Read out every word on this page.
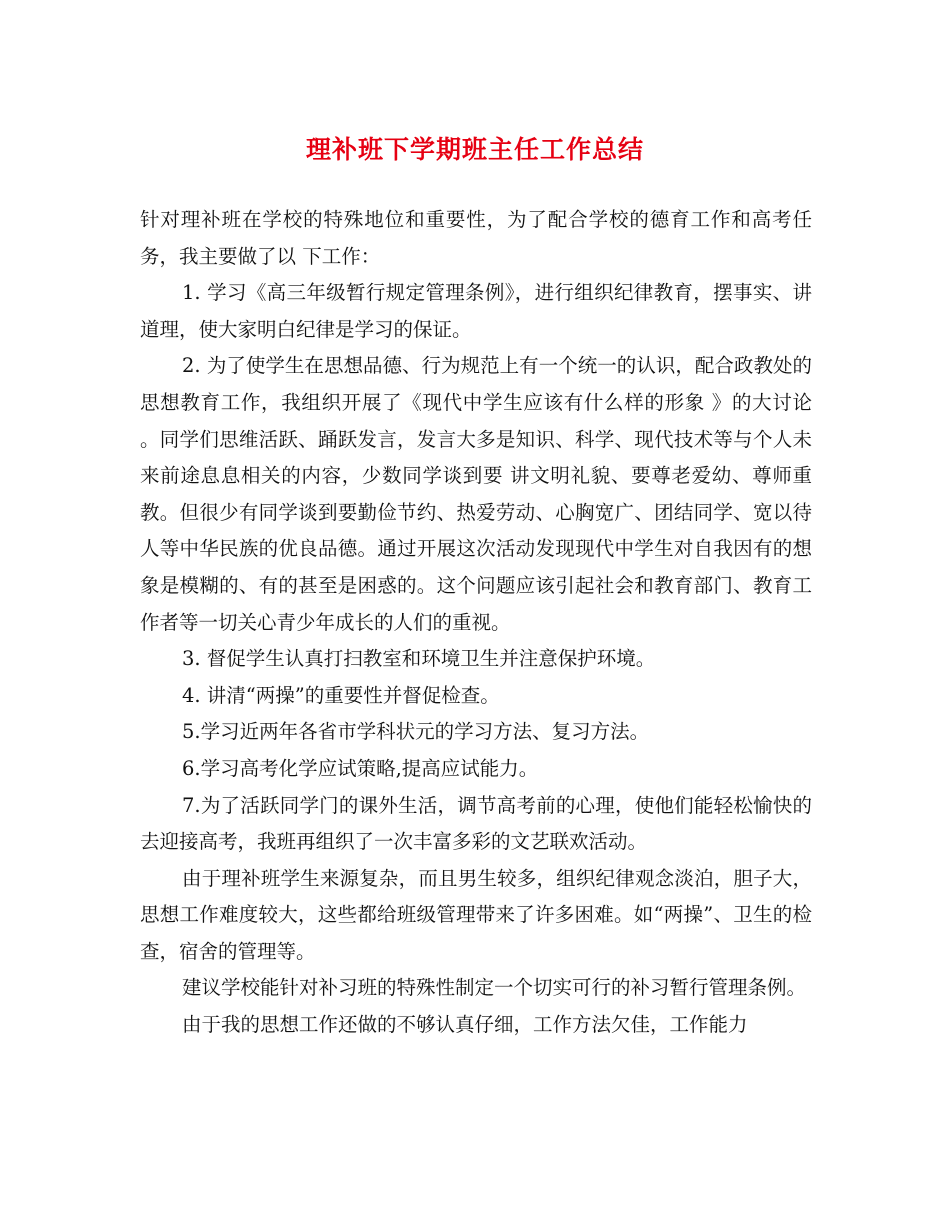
理补班下学期班主任工作总结

针对理补班在学校的特殊地位和重要性，为了配合学校的德育工作和高考任务，我主要做了以 下工作：

1. 学习《高三年级暂行规定管理条例》，进行组织纪律教育，摆事实、讲道理，使大家明白纪律是学习的保证。

2. 为了使学生在思想品德、行为规范上有一个统一的认识，配合政教处的思想教育工作，我组织开展了《现代中学生应该有什么样的形象 》的大讨论 。同学们思维活跃、踊跃发言，发言大多是知识、科学、现代技术等与个人未来前途息息相关的内容，少数同学谈到要 讲文明礼貌、要尊老爱幼、尊师重教。但很少有同学谈到要勤俭节约、热爱劳动、心胸宽广、团结同学、宽以待人等中华民族的优良品德。通过开展这次活动发现现代中学生对自我因有的想象是模糊的、有的甚至是困惑的。这个问题应该引起社会和教育部门、教育工作者等一切关心青少年成长的人们的重视。

3. 督促学生认真打扫教室和环境卫生并注意保护环境。

4. 讲清“两操”的重要性并督促检查。

5.学习近两年各省市学科状元的学习方法、复习方法。

6.学习高考化学应试策略,提高应试能力。

7.为了活跃同学门的课外生活，调节高考前的心理，使他们能轻松愉快的去迎接高考，我班再组织了一次丰富多彩的文艺联欢活动。

由于理补班学生来源复杂，而且男生较多，组织纪律观念淡泊，胆子大，思想工作难度较大，这些都给班级管理带来了许多困难。如“两操”、卫生的检查，宿舍的管理等。

建议学校能针对补习班的特殊性制定一个切实可行的补习暂行管理条例。

由于我的思想工作还做的不够认真仔细，工作方法欠佳，工作能力
